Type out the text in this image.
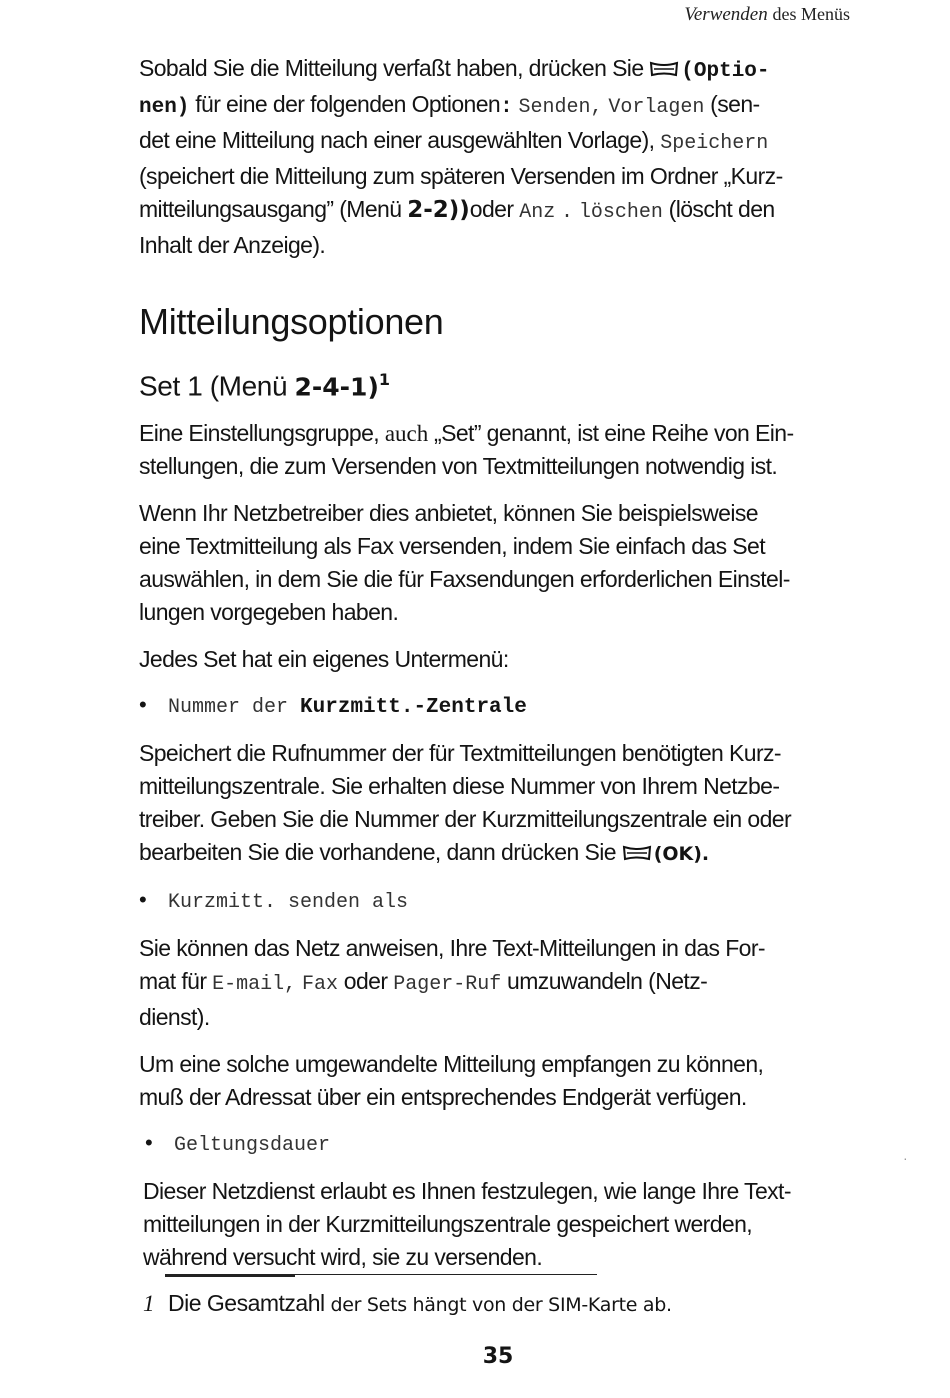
Verwenden des Menüs

Sobald Sie die Mitteilung verfaßt haben, drücken Sie (Optio-
nen) für eine der folgenden Optionen: Senden, Vorlagen (sen-
det eine Mitteilung nach einer ausgewählten Vorlage), Speichern
(speichert die Mitteilung zum späteren Versenden im Ordner „Kurz-
mitteilungsausgang” (Menü 2-2))oder Anz . löschen (löscht den
Inhalt der Anzeige).

Mitteilungsoptionen
Set 1 (Menü 2-4-1)$^1$

Eine Einstellungsgruppe, auch „Set” genannt, ist eine Reihe von Ein-
stellungen, die zum Versenden von Textmitteilungen notwendig ist.

Wenn Ihr Netzbetreiber dies anbietet, können Sie beispielsweise
eine Textmitteilung als Fax versenden, indem Sie einfach das Set
auswählen, in dem Sie die für Faxsendungen erforderlichen Einstel-
lungen vorgegeben haben.

Jedes Set hat ein eigenes Untermenü:

• Nummer der Kurzmitt.-Zentrale

Speichert die Rufnummer der für Textmitteilungen benötigten Kurz-
mitteilungszentrale. Sie erhalten diese Nummer von Ihrem Netzbe-
treiber. Geben Sie die Nummer der Kurzmitteilungszentrale ein oder
bearbeiten Sie die vorhandene, dann drücken Sie (OK).

• Kurzmitt. senden als

Sie können das Netz anweisen, Ihre Text-Mitteilungen in das For-
mat für E-mail, Fax oder Pager-Ruf umzuwandeln (Netz-
dienst).

Um eine solche umgewandelte Mitteilung empfangen zu können,
muß der Adressat über ein entsprechendes Endgerät verfügen.

• Geltungsdauer

Dieser Netzdienst erlaubt es Ihnen festzulegen, wie lange Ihre Text-
mitteilungen in der Kurzmitteilungszentrale gespeichert werden,
während versucht wird, sie zu versenden.

·
1 Die Gesamtzahl der Sets hängt von der SIM-Karte ab.
35
